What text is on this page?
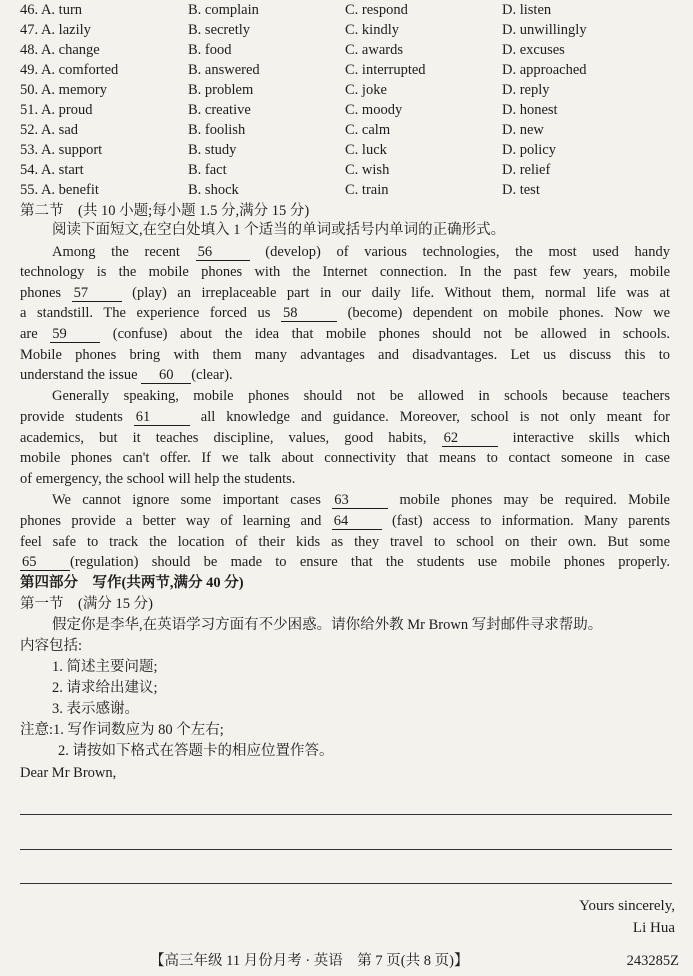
46. A. turn	B. complain	C. respond	D. listen
47. A. lazily	B. secretly	C. kindly	D. unwillingly
48. A. change	B. food	C. awards	D. excuses
49. A. comforted	B. answered	C. interrupted	D. approached
50. A. memory	B. problem	C. joke	D. reply
51. A. proud	B. creative	C. moody	D. honest
52. A. sad	B. foolish	C. calm	D. new
53. A. support	B. study	C. luck	D. policy
54. A. start	B. fact	C. wish	D. relief
55. A. benefit	B. shock	C. train	D. test
第二节　(共 10 小题;每小题 1.5 分,满分 15 分)
阅读下面短文,在空白处填入 1 个适当的单词或括号内单词的正确形式。
Among the recent 56	(develop) of various technologies, the most used handy
technology is the mobile phones with the Internet connection. In the past few years, mobile
phones 57	(play) an irreplaceable part in our daily life. Without them, normal life was at
a standstill. The experience forced us 58	(become) dependent on mobile phones. Now we
are 59	(confuse) about the idea that mobile phones should not be allowed in schools.
Mobile phones bring with them many advantages and disadvantages. Let us discuss this to
understand the issue 60 (clear).
Generally speaking, mobile phones should not be allowed in schools because teachers
provide students 61	all knowledge and guidance. Moreover, school is not only meant for
academics, but it teaches discipline, values, good habits, 62	interactive skills which
mobile phones can't offer. If we talk about connectivity that means to contact someone in case
of emergency, the school will help the students.
We cannot ignore some important cases 63	mobile phones may be required. Mobile
phones provide a better way of learning and 64	(fast) access to information. Many parents
feel safe to track the location of their kids as they travel to school on their own. But some
65 (regulation) should be made to ensure that the students use mobile phones properly.
第四部分　写作(共两节,满分 40 分)
第一节　(满分 15 分)
假定你是李华,在英语学习方面有不少困惑。请你给外教 Mr Brown 写封邮件寻求帮助。
内容包括:
1. 简述主要问题;
2. 请求给出建议;
3. 表示感谢。
注意:1. 写作词数应为 80 个左右;
2. 请按如下格式在答题卡的相应位置作答。
Dear Mr Brown,
Yours sincerely,
Li Hua
【高三年级 11 月份月考 · 英语　第 7 页(共 8 页)】	243285Z
